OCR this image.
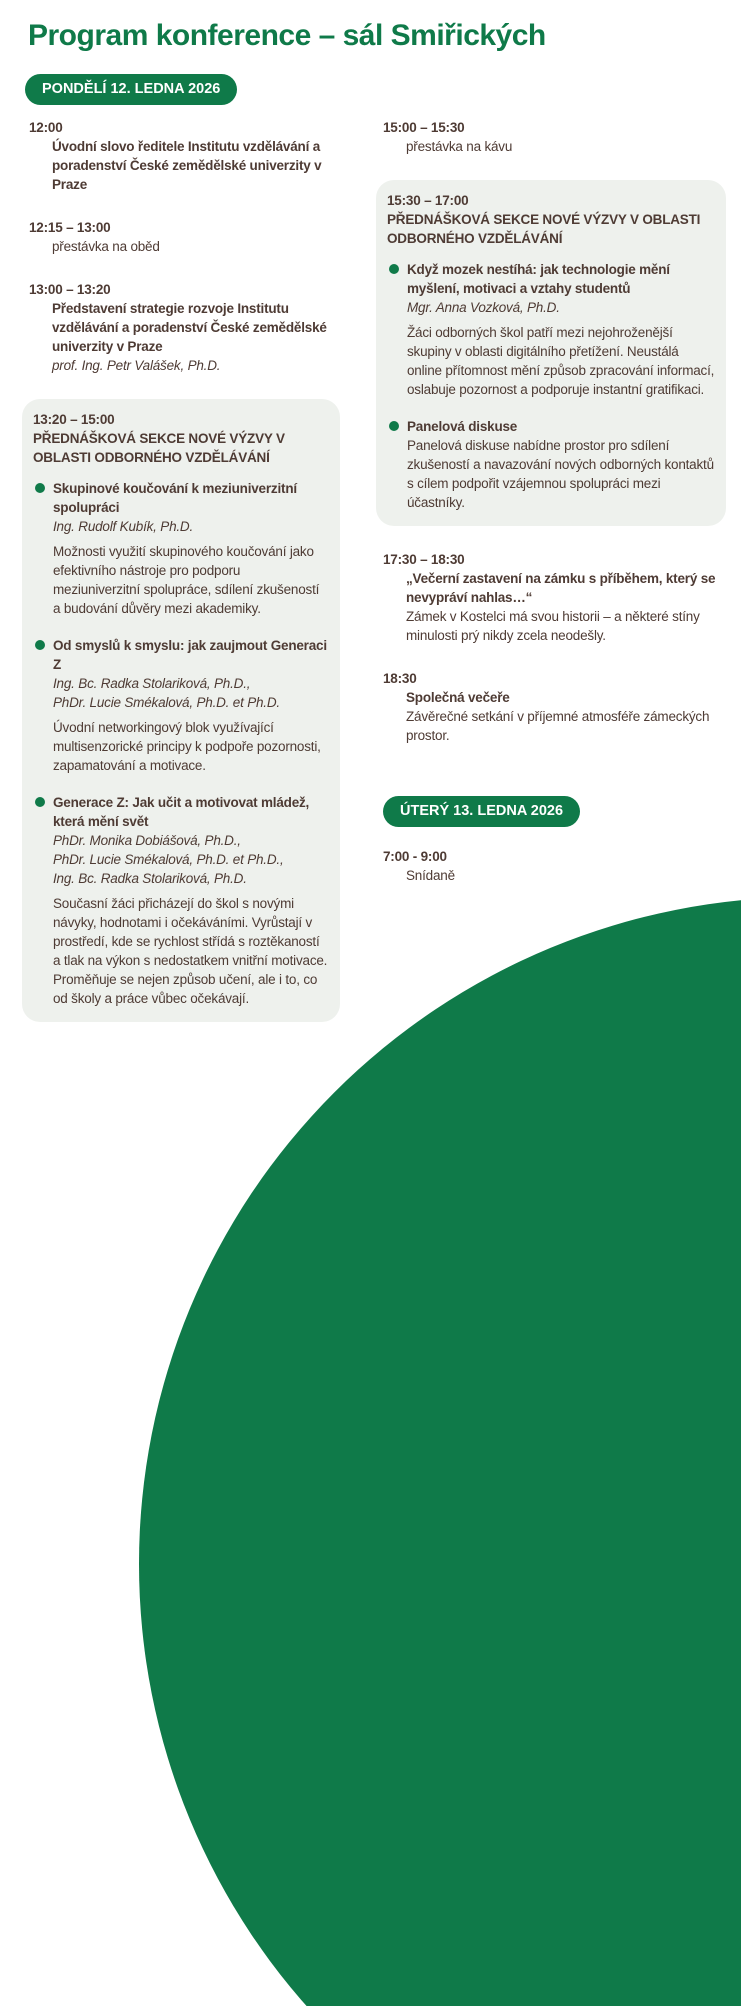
Program konference – sál Smiřických
PONDĚLÍ 12. LEDNA 2026
12:00
Úvodní slovo ředitele Institutu vzdělávání a poradenství České zemědělské univerzity v Praze
12:15 – 13:00
přestávka na oběd
13:00 – 13:20
Představení strategie rozvoje Institutu vzdělávání a poradenství České zemědělské univerzity v Praze
prof. Ing. Petr Valášek, Ph.D.
13:20 – 15:00
PŘEDNÁŠKOVÁ SEKCE NOVÉ VÝZVY V OBLASTI ODBORNÉHO VZDĚLÁVÁNÍ
Skupinové koučování k meziuniverzitní spolupráci
Ing. Rudolf Kubík, Ph.D.
Možnosti využití skupinového koučování jako efektivního nástroje pro podporu meziuniverzitní spolupráce, sdílení zkušeností a budování důvěry mezi akademiky.
Od smyslů k smyslu: jak zaujmout Generaci Z
Ing. Bc. Radka Stolariková, Ph.D.,
PhDr. Lucie Smékalová, Ph.D. et Ph.D.
Úvodní networkingový blok využívající multisenzorické principy k podpoře pozornosti, zapamatování a motivace.
Generace Z: Jak učit a motivovat mládež, která mění svět
PhDr. Monika Dobiášová, Ph.D.,
PhDr. Lucie Smékalová, Ph.D. et Ph.D.,
Ing. Bc. Radka Stolariková, Ph.D.
Současní žáci přicházejí do škol s novými návyky, hodnotami i očekáváními. Vyrůstají v prostředí, kde se rychlost střídá s roztěkaností a tlak na výkon s nedostatkem vnitřní motivace. Proměňuje se nejen způsob učení, ale i to, co od školy a práce vůbec očekávají.
15:00 – 15:30
přestávka na kávu
15:30 – 17:00
PŘEDNÁŠKOVÁ SEKCE NOVÉ VÝZVY V OBLASTI ODBORNÉHO VZDĚLÁVÁNÍ
Když mozek nestíhá: jak technologie mění myšlení, motivaci a vztahy studentů
Mgr. Anna Vozková, Ph.D.
Žáci odborných škol patří mezi nejohroženější skupiny v oblasti digitálního přetížení. Neustálá online přítomnost mění způsob zpracování informací, oslabuje pozornost a podporuje instantní gratifikaci.
Panelová diskuse
Panelová diskuse nabídne prostor pro sdílení zkušeností a navazování nových odborných kontaktů s cílem podpořit vzájemnou spolupráci mezi účastníky.
17:30 – 18:30
„Večerní zastavení na zámku s příběhem, který se nevypráví nahlas…“
Zámek v Kostelci má svou historii – a některé stíny minulosti prý nikdy zcela neodešly.
18:30
Společná večeře
Závěrečné setkání v příjemné atmosféře zámeckých prostor.
ÚTERÝ 13. LEDNA 2026
7:00 - 9:00
Snídaně
